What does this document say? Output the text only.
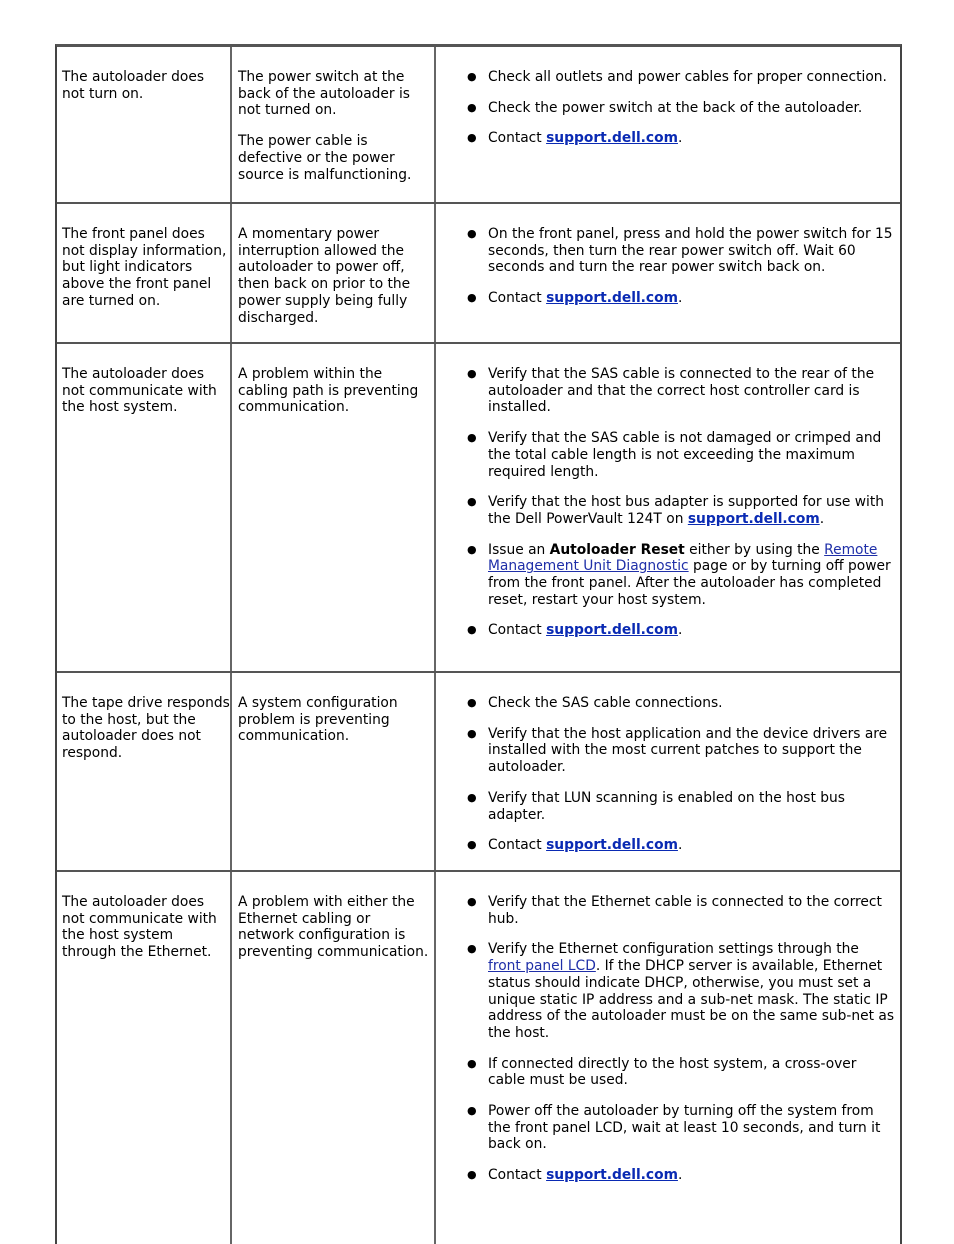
The autoloader does not turn on.

The power switch at the back of the autoloader is not turned on.

The power cable is defective or the power source is malfunctioning.

● Check all outlets and power cables for proper connection.
● Check the power switch at the back of the autoloader.
● Contact support.dell.com.

The front panel does not display information, but light indicators above the front panel are turned on.

A momentary power interruption allowed the autoloader to power off, then back on prior to the power supply being fully discharged.

● On the front panel, press and hold the power switch for 15 seconds, then turn the rear power switch off. Wait 60 seconds and turn the rear power switch back on.
● Contact support.dell.com.

The autoloader does not communicate with the host system.

A problem within the cabling path is preventing communication.

● Verify that the SAS cable is connected to the rear of the autoloader and that the correct host controller card is installed.
● Verify that the SAS cable is not damaged or crimped and the total cable length is not exceeding the maximum required length.
● Verify that the host bus adapter is supported for use with the Dell PowerVault 124T on support.dell.com.
● Issue an Autoloader Reset either by using the Remote Management Unit Diagnostic page or by turning off power from the front panel. After the autoloader has completed reset, restart your host system.
● Contact support.dell.com.

The tape drive responds to the host, but the autoloader does not respond.

A system configuration problem is preventing communication.

● Check the SAS cable connections.
● Verify that the host application and the device drivers are installed with the most current patches to support the autoloader.
● Verify that LUN scanning is enabled on the host bus adapter.
● Contact support.dell.com.

The autoloader does not communicate with the host system through the Ethernet.

A problem with either the Ethernet cabling or network configuration is preventing communication.

● Verify that the Ethernet cable is connected to the correct hub.
● Verify the Ethernet configuration settings through the front panel LCD. If the DHCP server is available, Ethernet status should indicate DHCP, otherwise, you must set a unique static IP address and a sub-net mask. The static IP address of the autoloader must be on the same sub-net as the host.
● If connected directly to the host system, a cross-over cable must be used.
● Power off the autoloader by turning off the system from the front panel LCD, wait at least 10 seconds, and turn it back on.
● Contact support.dell.com.
